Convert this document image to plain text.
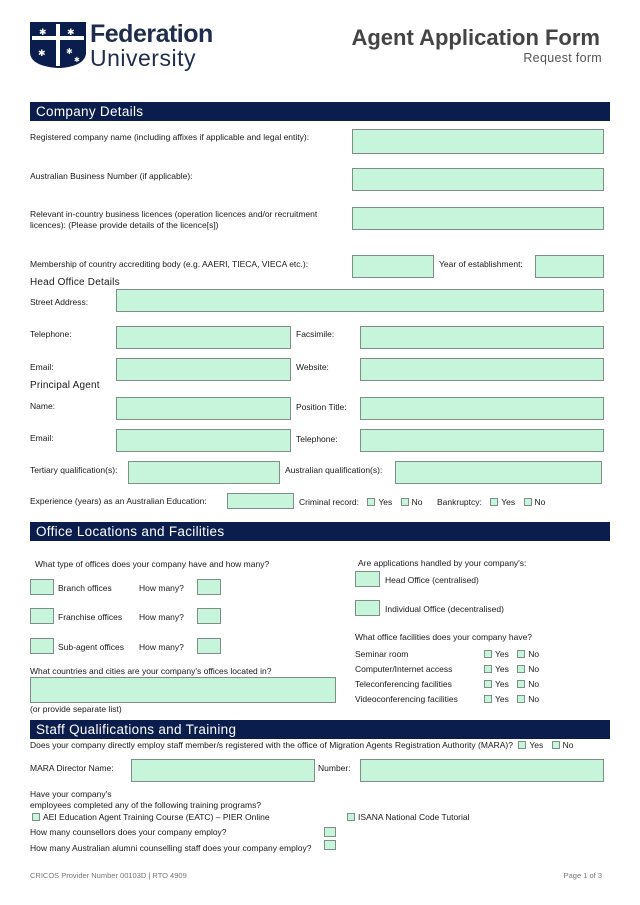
✱ ✱
✱	✱
✱
Federation
University
Agent Application Form
Request form
Company Details
Registered company name (including affixes if applicable and legal entity):
Australian Business Number (if applicable):
Relevant in-country business licences (operation licences and/or recruitment
licences): (Please provide details of the licence[s])
Membership of country accrediting body (e.g. AAERI, TIECA, VIECA etc.):	Year of establishment:
Head Office Details
Street Address:
Telephone:	Facsimile:
Email:	Website:
Principal Agent
Name:	Position Title:
Email:	Telephone:
Tertiary qualification(s):	Australian qualification(s):
Experience (years) as an Australian Education:	Criminal record: Yes No Bankruptcy: Yes No
Office Locations and Facilities
What type of offices does your company have and how many?
Branch offices	How many?
Franchise offices How many?
Sub-agent offices How many?
What countries and cities are your company's offices located in?
(or provide separate list)
Are applications handled by your company's:
Head Office (centralised)
Individual Office (decentralised)
What office facilities does your company have?
Seminar room	Yes No
Computer/Internet access	Yes No
Teleconferencing facilities	Yes No
Videoconferencing facilities	Yes No
Staff Qualifications and Training
Does your company directly employ staff member/s registered with the office of Migration Agents Registration Authority (MARA)? Yes No
MARA Director Name:	Number:
Have your company's
employees completed any of the following training programs?
AEI Education Agent Training Course (EATC) – PIER Online	ISANA National Code Tutorial
How many counsellors does your company employ?
How many Australian alumni counselling staff does your company employ?
CRICOS Provider Number 00103D | RTO 4909	Page 1 of 3
